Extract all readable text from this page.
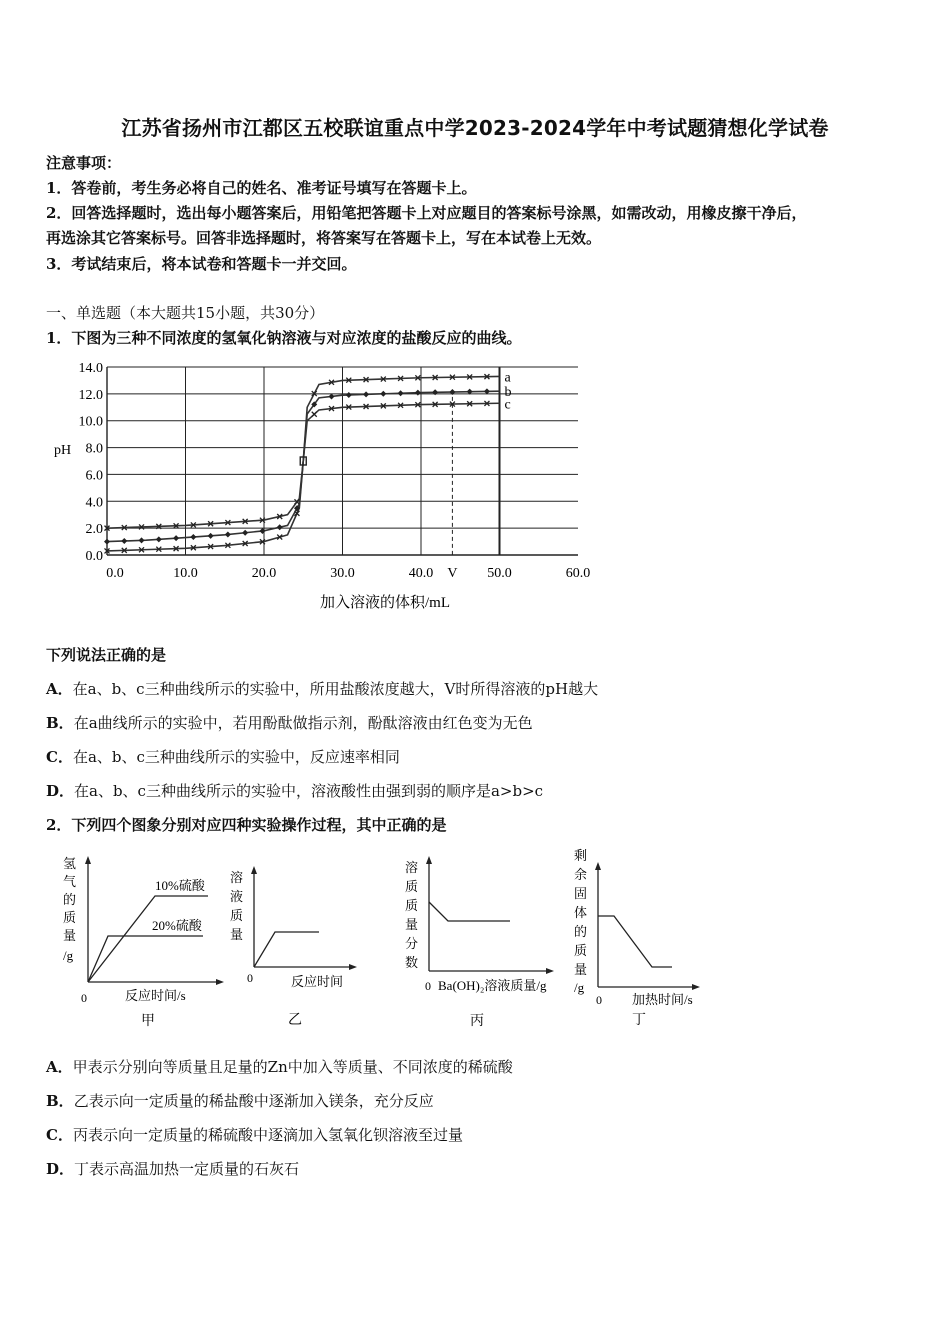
江苏省扬州市江都区五校联谊重点中学2023-2024学年中考试题猜想化学试卷
注意事项：
1．答卷前，考生务必将自己的姓名、准考证号填写在答题卡上。
2．回答选择题时，选出每小题答案后，用铅笔把答题卡上对应题目的答案标号涂黑，如需改动，用橡皮擦干净后，
再选涂其它答案标号。回答非选择题时，将答案写在答题卡上，写在本试卷上无效。
3．考试结束后，将本试卷和答题卡一并交回。
一、单选题（本大题共15小题，共30分）
1．下图为三种不同浓度的氢氧化钠溶液与对应浓度的盐酸反应的曲线。
0.0
2.0
4.0
6.0
8.0
10.0
12.0
14.0
0.0	10.0	20.0	30.0	40.0 V 50.0	60.0
a
b
c
pH
加入溶液的体积/mL
下列说法正确的是
A．在a、b、c三种曲线所示的实验中，所用盐酸浓度越大，V时所得溶液的pH越大
B．在a曲线所示的实验中，若用酚酞做指示剂，酚酞溶液由红色变为无色
C．在a、b、c三种曲线所示的实验中，反应速率相同
D．在a、b、c三种曲线所示的实验中，溶液酸性由强到弱的顺序是a>b>c
2．下列四个图象分别对应四种实验操作过程，其中正确的是
氢
气
的
质
量
/g
10%硫酸
20%硫酸
0	反应时间/s
甲
溶
液
质
量
0	反应时间
乙
溶
质
质
量
分
数
0 Ba(OH)₂溶液质量/g
丙
剩
余
固
体
的
质
量
/g
0 加热时间/s
丁
A．甲表示分别向等质量且足量的Zn中加入等质量、不同浓度的稀硫酸
B．乙表示向一定质量的稀盐酸中逐渐加入镁条，充分反应
C．丙表示向一定质量的稀硫酸中逐滴加入氢氧化钡溶液至过量
D．丁表示高温加热一定质量的石灰石
